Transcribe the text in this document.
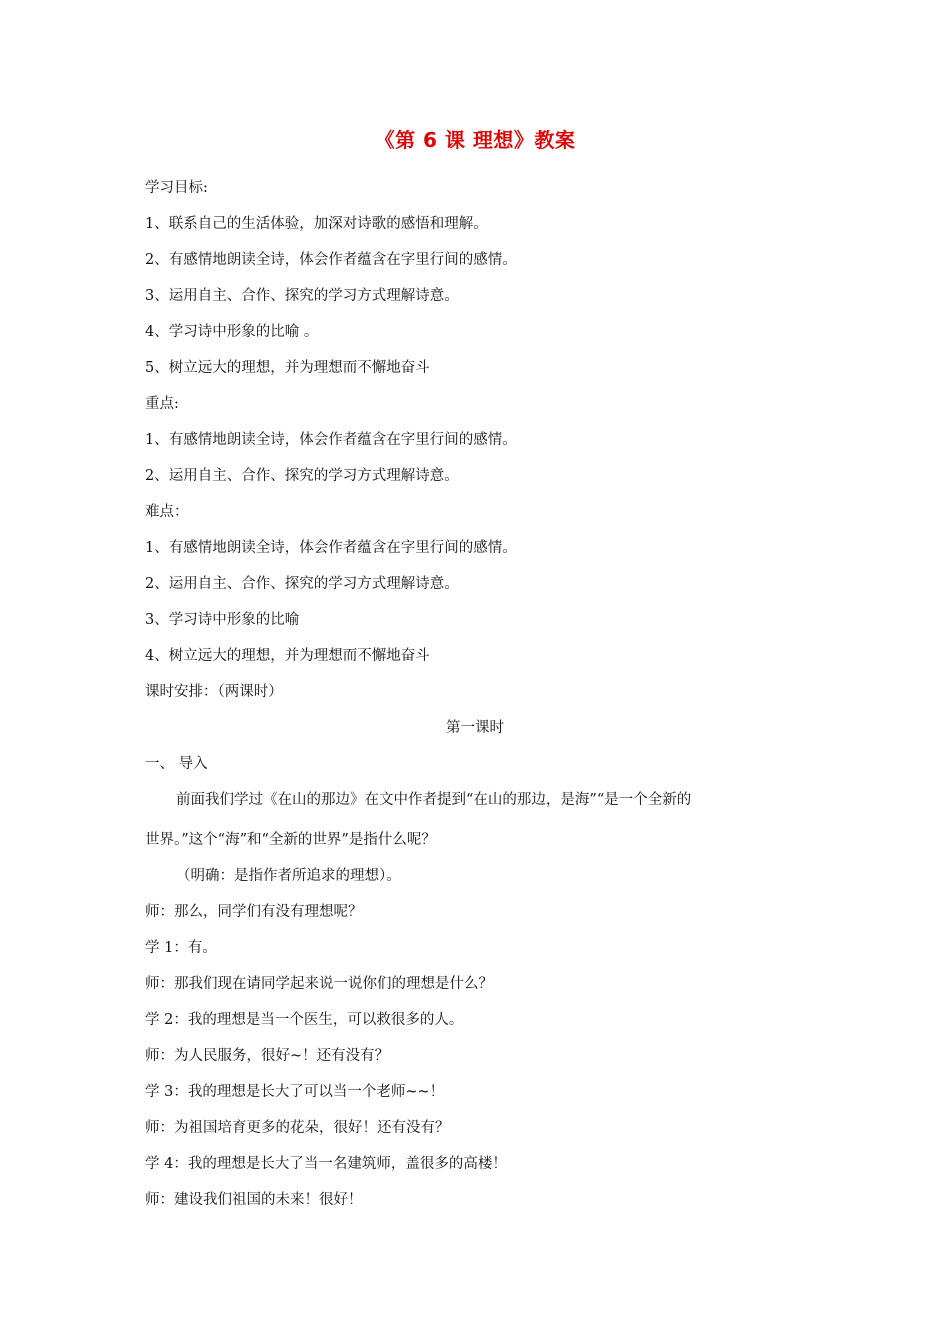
《第 6 课 理想》教案
学习目标:
1、联系自己的生活体验，加深对诗歌的感悟和理解。
2、有感情地朗读全诗，体会作者蕴含在字里行间的感情。
3、运用自主、合作、探究的学习方式理解诗意。
4、学习诗中形象的比喻 。
5、树立远大的理想，并为理想而不懈地奋斗
重点:
1、有感情地朗读全诗，体会作者蕴含在字里行间的感情。
2、运用自主、合作、探究的学习方式理解诗意。
难点：
1、有感情地朗读全诗，体会作者蕴含在字里行间的感情。
2、运用自主、合作、探究的学习方式理解诗意。
3、学习诗中形象的比喻
4、树立远大的理想，并为理想而不懈地奋斗
课时安排：（两课时）
第一课时
一、 导入
前面我们学过《在山的那边》在文中作者提到“在山的那边，是海”“是一个全新的
世界。”这个“海”和“全新的世界”是指什么呢？
（明确：是指作者所追求的理想）。
师：那么，同学们有没有理想呢？
学 1：有。
师：那我们现在请同学起来说一说你们的理想是什么？
学 2：我的理想是当一个医生，可以救很多的人。
师：为人民服务，很好~！还有没有？
学 3：我的理想是长大了可以当一个老师~~！
师：为祖国培育更多的花朵，很好！还有没有？
学 4：我的理想是长大了当一名建筑师，盖很多的高楼！
师：建设我们祖国的未来！很好！
